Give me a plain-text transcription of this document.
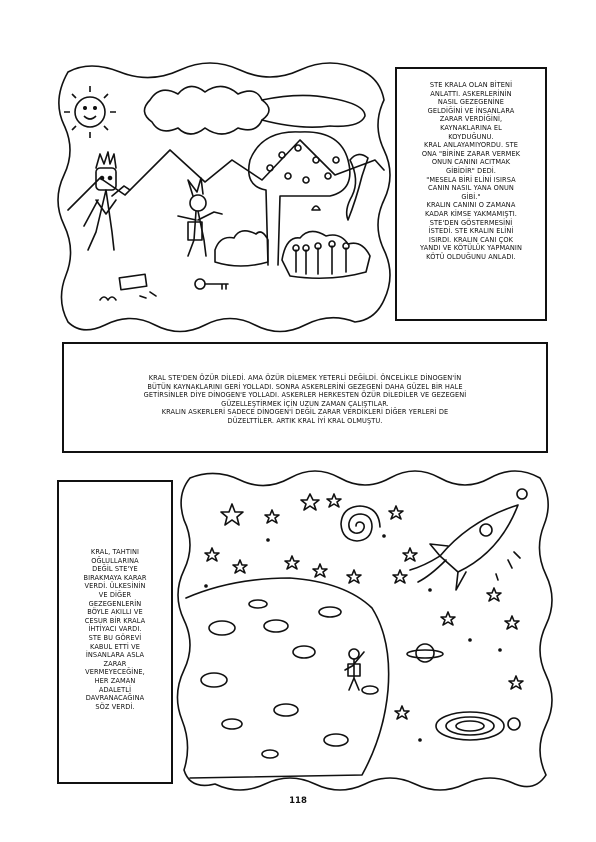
STE KRALA OLAN BİTENİ
ANLATTI. ASKERLERİNİN
NASIL GEZEGENİNE
GELDİĞİNİ VE İNSANLARA
ZARAR VERDİĞİNİ,
KAYNAKLARINA EL
KOYDUĞUNU.
KRAL ANLAYAMIYORDU. STE
ONA "BİRİNE ZARAR VERMEK
ONUN CANINI ACITMAK
GİBİDİR" DEDİ.
"MESELA BİRİ ELİNİ ISIRSA
CANIN NASIL YANA ONUN
GİBİ."
KRALIN CANINI O ZAMANA
KADAR KİMSE YAKMAMIŞTI.
STE'DEN GÖSTERMESİNİ
İSTEDİ. STE KRALIN ELİNİ
ISIRDI. KRALIN CANI ÇOK
YANDI VE KÖTÜLÜK YAPMANIN
KÖTÜ OLDUĞUNU ANLADI.
KRAL STE'DEN ÖZÜR DİLEDİ. AMA ÖZÜR DİLEMEK YETERLİ DEĞİLDİ. ÖNCELİKLE DİNOGEN'İN
BÜTÜN KAYNAKLARINI GERİ YOLLADI. SONRA ASKERLERİNİ GEZEGENİ DAHA GÜZEL BİR HALE
GETİRSİNLER DİYE DİNOGEN'E YOLLADI. ASKERLER HERKESTEN ÖZÜR DİLEDİLER VE GEZEGENİ
GÜZELLEŞTİRMEK İÇİN UZUN ZAMAN ÇALIŞTILAR.
KRALIN ASKERLERİ SADECE DİNOGEN'İ DEĞİL ZARAR VERDİKLERİ DİĞER YERLERİ DE
DÜZELTTİLER. ARTIK KRAL İYİ KRAL OLMUŞTU.
KRAL, TAHTINI
OĞLULLARINA
DEĞİL STE'YE
BIRAKMAYA KARAR
VERDİ. ÜLKESİNİN
VE DİĞER
GEZEGENLERİN
BÖYLE AKILLI VE
CESUR BİR KRALA
İHTİYACI VARDI.
STE BU GÖREVİ
KABUL ETTİ VE
İNSANLARA ASLA
ZARAR
VERMEYECEĞİNE,
HER ZAMAN
ADALETLİ
DAVRANACAĞINA
SÖZ VERDİ.
118
